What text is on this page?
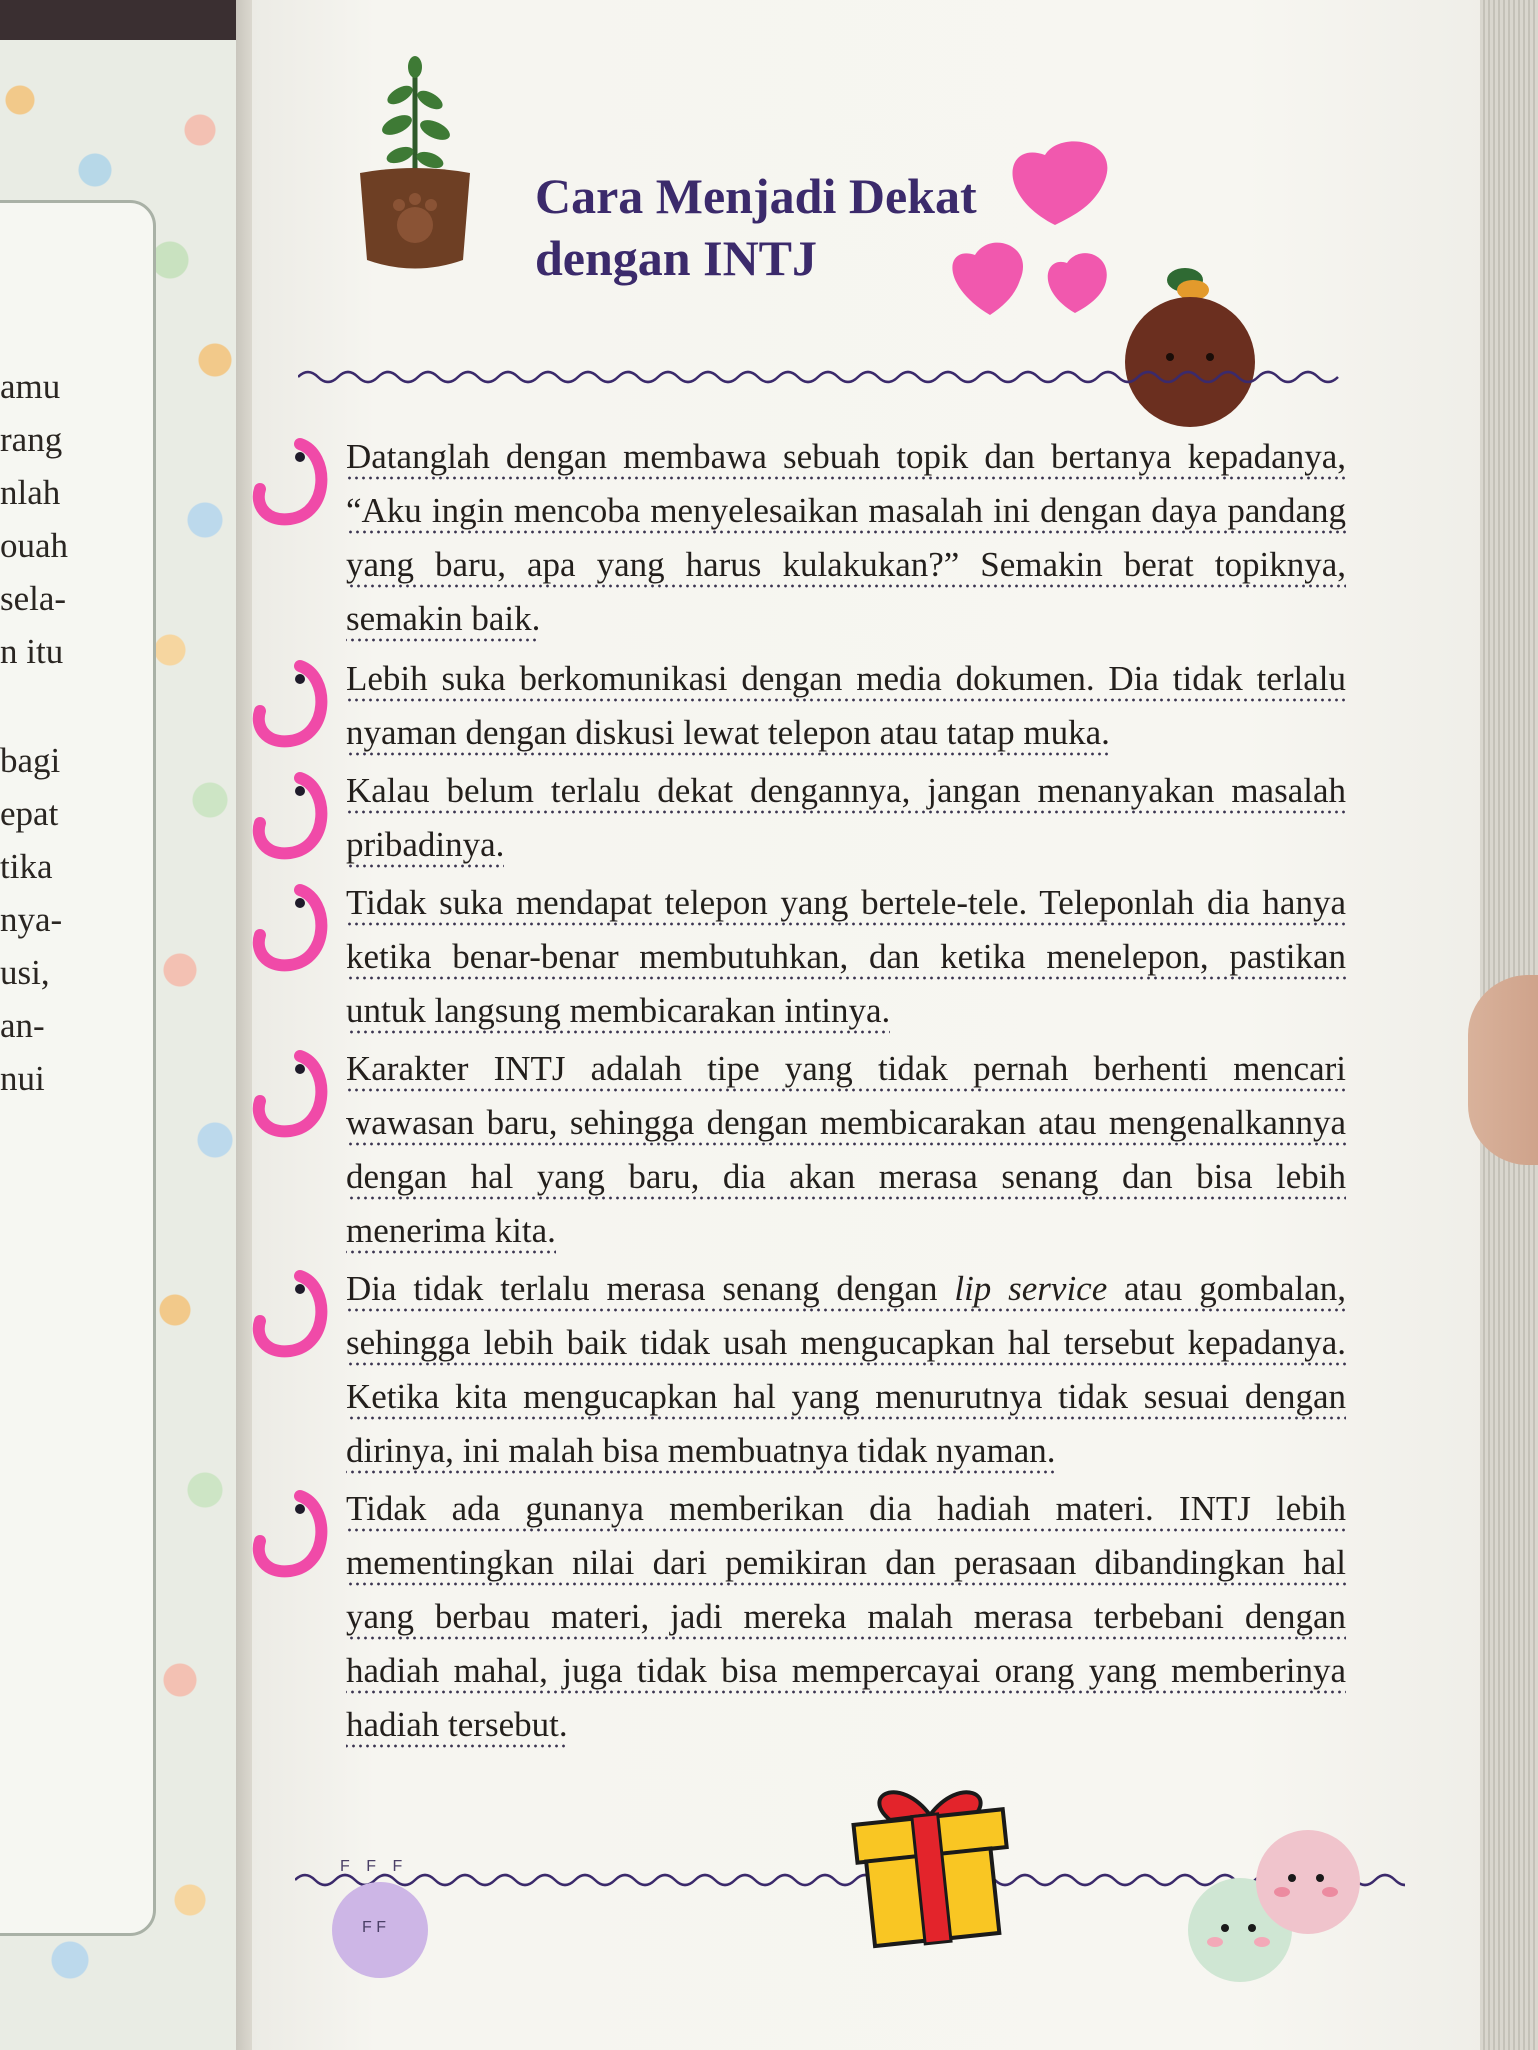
amu
rang
nlah
ouah
sela-
n itu
bagi
epat
tika
nya-
usi,
an-
nui
Cara Menjadi Dekat
dengan INTJ
Datanglah dengan membawa sebuah topik dan bertanya kepadanya, “Aku ingin mencoba menyelesaikan masalah ini dengan daya pandang yang baru, apa yang harus kulakukan?” Semakin berat topiknya, semakin baik.
Lebih suka berkomunikasi dengan media dokumen. Dia tidak terlalu nyaman dengan diskusi lewat telepon atau tatap muka.
Kalau belum terlalu dekat dengannya, jangan menanyakan masalah pribadinya.
Tidak suka mendapat telepon yang bertele-tele. Teleponlah dia hanya ketika benar-benar membutuhkan, dan ketika menelepon, pastikan untuk langsung membicarakan intinya.
Karakter INTJ adalah tipe yang tidak pernah berhenti mencari wawasan baru, sehingga dengan membicarakan atau mengenalkannya dengan hal yang baru, dia akan merasa senang dan bisa lebih menerima kita.
Dia tidak terlalu merasa senang dengan lip service atau gombalan, sehingga lebih baik tidak usah mengucapkan hal tersebut kepadanya. Ketika kita mengucapkan hal yang menurutnya tidak sesuai dengan dirinya, ini malah bisa membuatnya tidak nyaman.
Tidak ada gunanya memberikan dia hadiah materi. INTJ lebih mementingkan nilai dari pemikiran dan perasaan dibandingkan hal yang berbau materi, jadi mereka malah merasa terbebani dengan hadiah mahal, juga tidak bisa mempercayai orang yang memberinya hadiah tersebut.
F F F
F F
